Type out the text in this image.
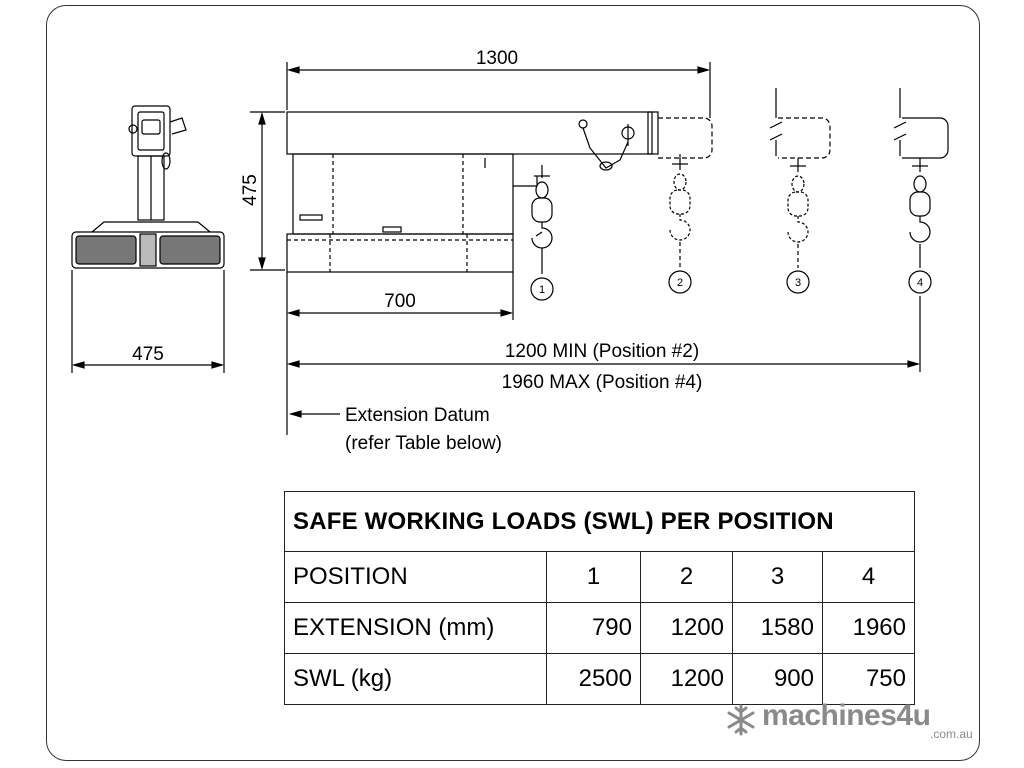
475
1300
475
700
1200 MIN (Position #2)
1960 MAX (Position #4)
Extension Datum
(refer Table below)
1
2	3	4
SAFE WORKING LOADS (SWL) PER POSITION				
POSITION	1	2	3	4
EXTENSION (mm)	790	1200	1580	1960
SWL (kg)	2500	1200	900	750
machines4u
.com.au
